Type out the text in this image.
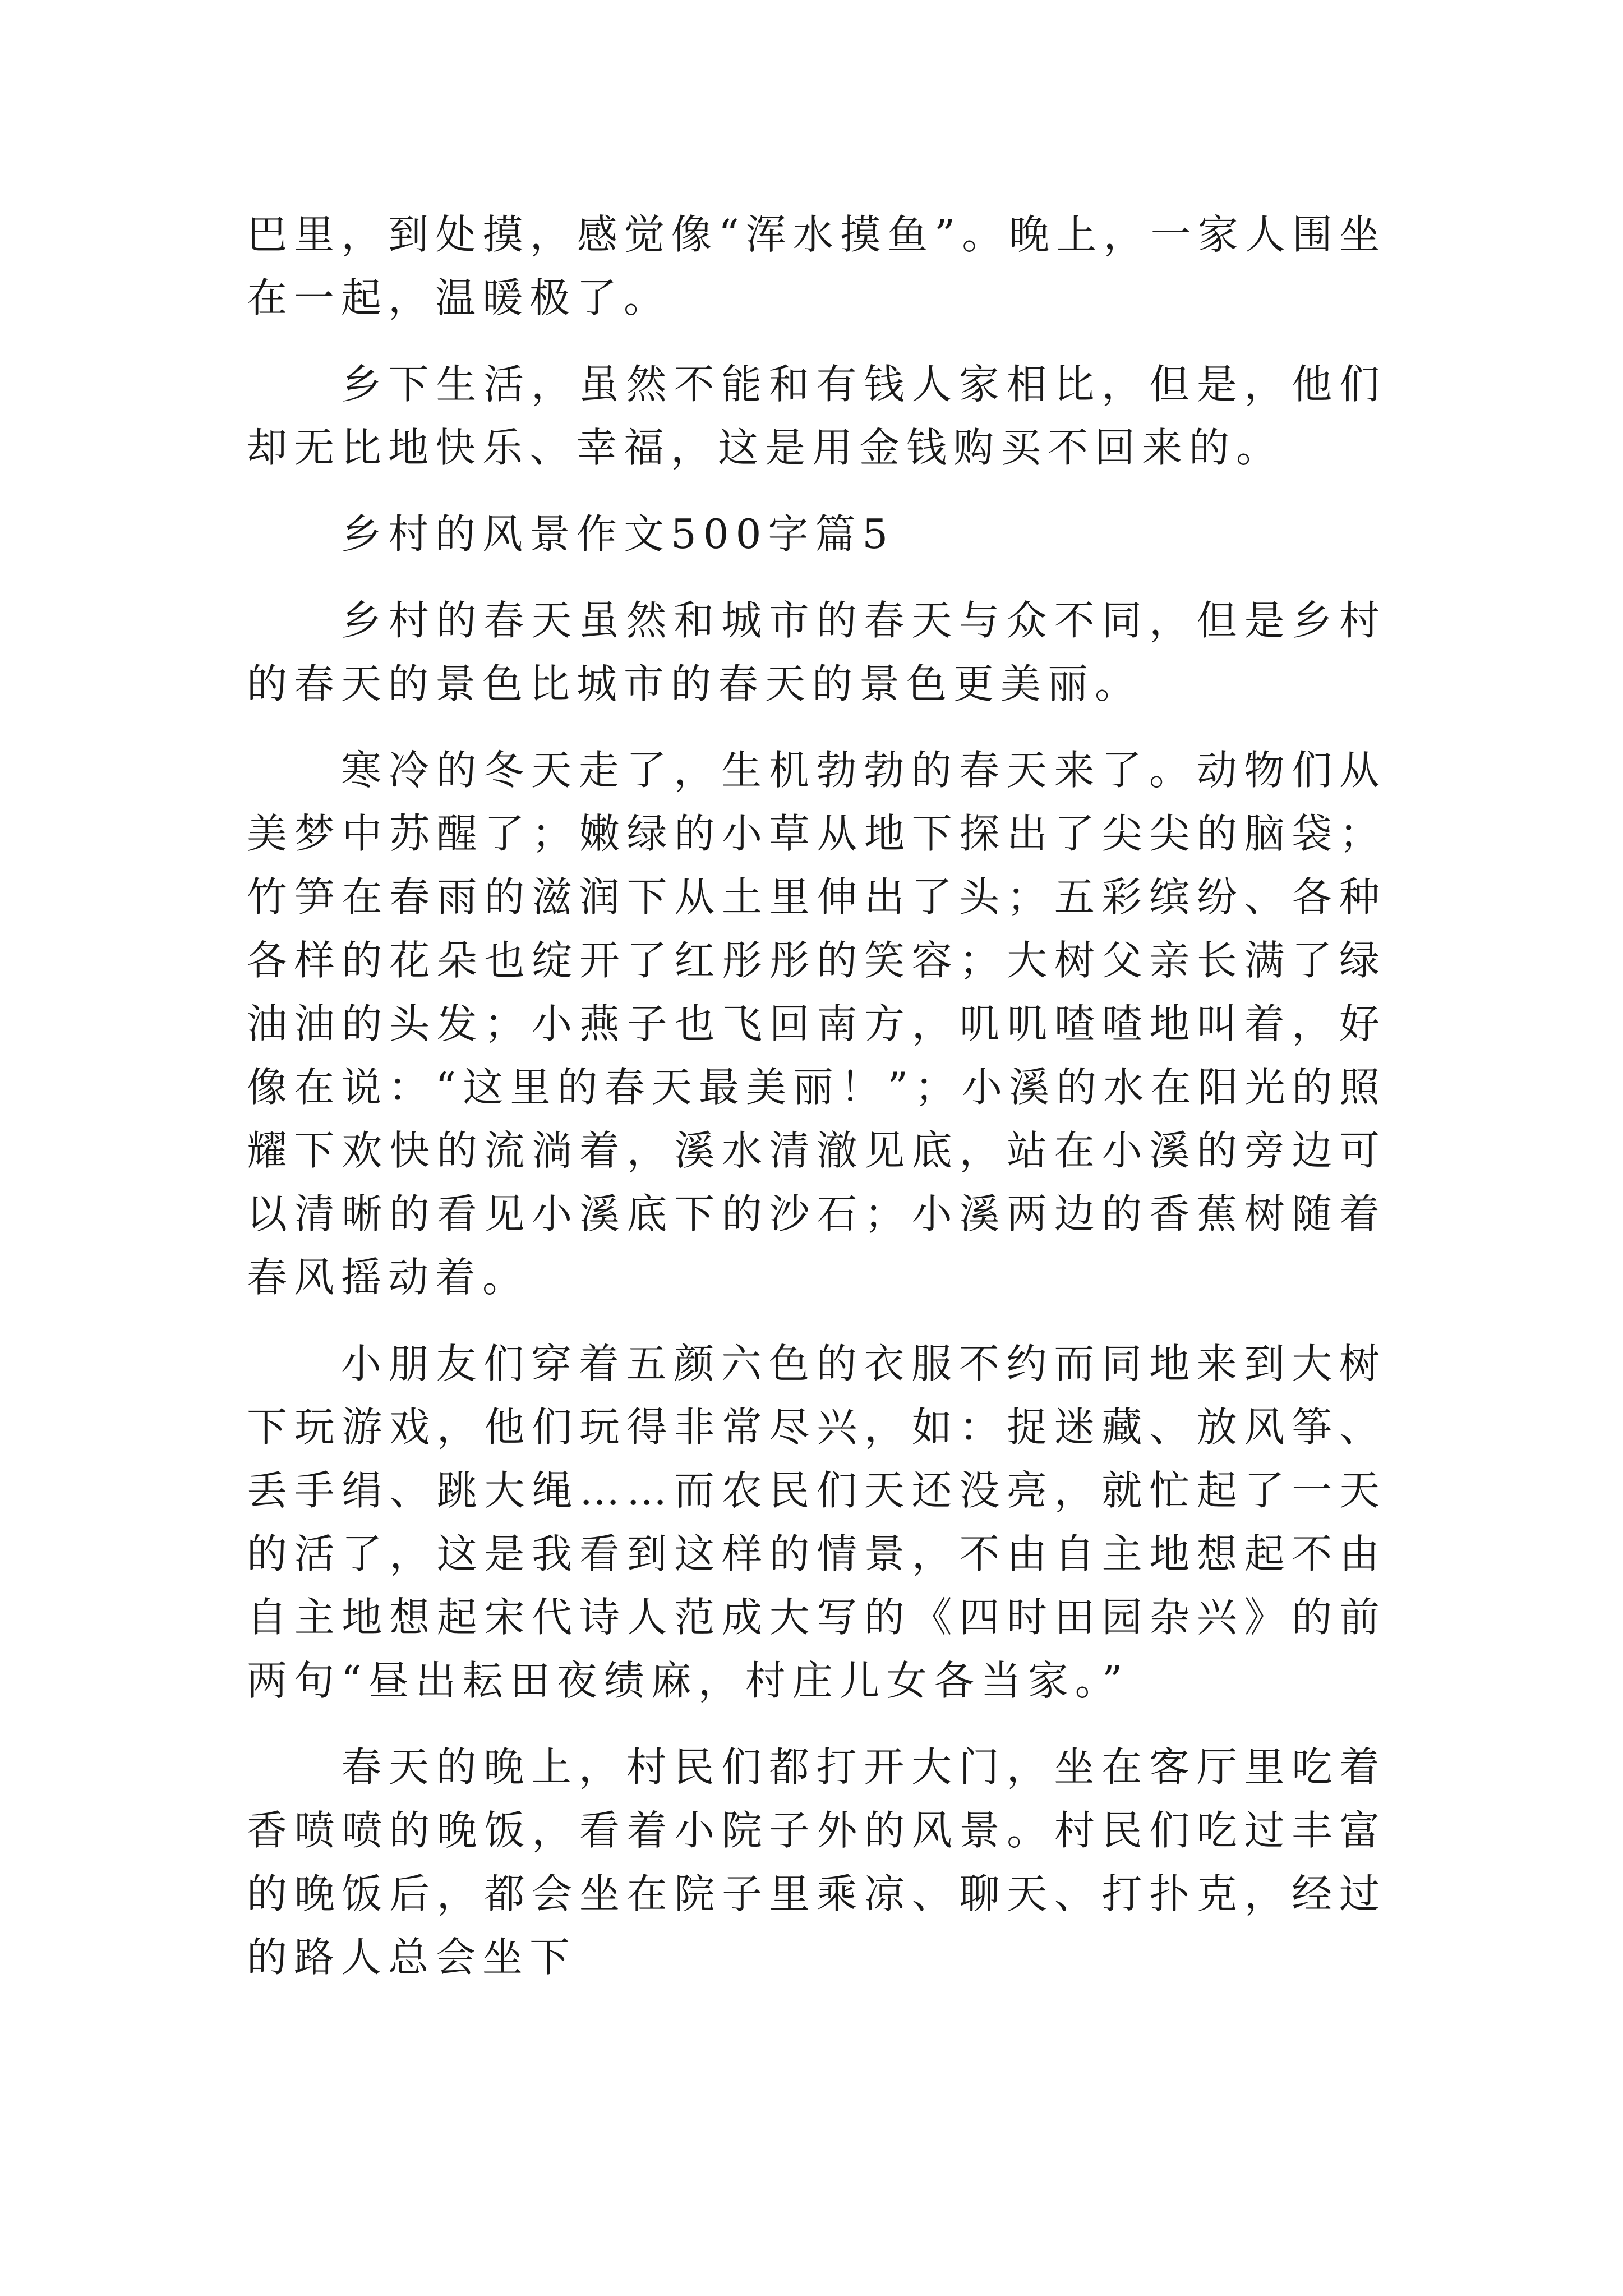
巴里，到处摸，感觉像“浑水摸鱼”。晚上，一家人围坐在一起，温暖极了。

乡下生活，虽然不能和有钱人家相比，但是，他们却无比地快乐、幸福，这是用金钱购买不回来的。

乡村的风景作文500字篇5

乡村的春天虽然和城市的春天与众不同，但是乡村的春天的景色比城市的春天的景色更美丽。

寒冷的冬天走了，生机勃勃的春天来了。动物们从美梦中苏醒了；嫩绿的小草从地下探出了尖尖的脑袋；竹笋在春雨的滋润下从土里伸出了头；五彩缤纷、各种各样的花朵也绽开了红彤彤的笑容；大树父亲长满了绿油油的头发；小燕子也飞回南方，叽叽喳喳地叫着，好像在说：“这里的春天最美丽！”；小溪的水在阳光的照耀下欢快的流淌着，溪水清澈见底，站在小溪的旁边可以清晰的看见小溪底下的沙石；小溪两边的香蕉树随着春风摇动着。

小朋友们穿着五颜六色的衣服不约而同地来到大树下玩游戏，他们玩得非常尽兴，如：捉迷藏、放风筝、丢手绢、跳大绳……而农民们天还没亮，就忙起了一天的活了，这是我看到这样的情景，不由自主地想起不由自主地想起宋代诗人范成大写的《四时田园杂兴》的前两句“昼出耘田夜绩麻，村庄儿女各当家。”

春天的晚上，村民们都打开大门，坐在客厅里吃着香喷喷的晚饭，看着小院子外的风景。村民们吃过丰富的晚饭后，都会坐在院子里乘凉、聊天、打扑克，经过的路人总会坐下
